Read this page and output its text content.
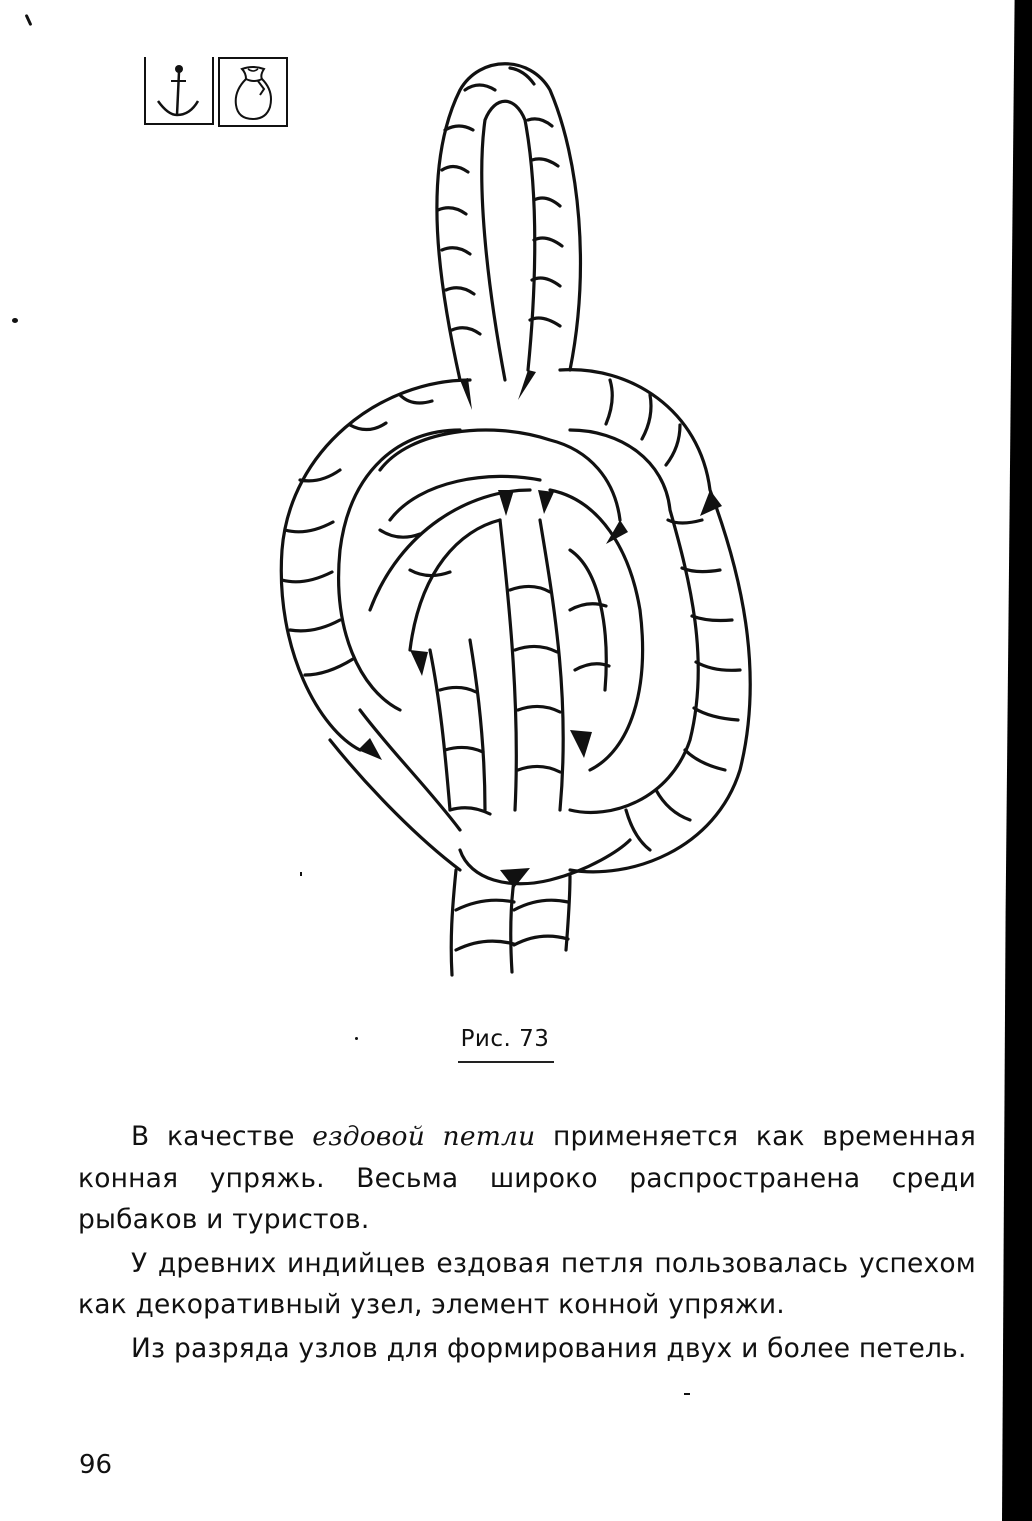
Рис. 73

В качестве ездовой петли применяется как временная конная упряжь. Весьма широко распространена среди рыбаков и туристов.

У древних индийцев ездовая петля пользовалась успехом как декоративный узел, элемент конной упряжи.

Из разряда узлов для формирования двух и более петель.

96
